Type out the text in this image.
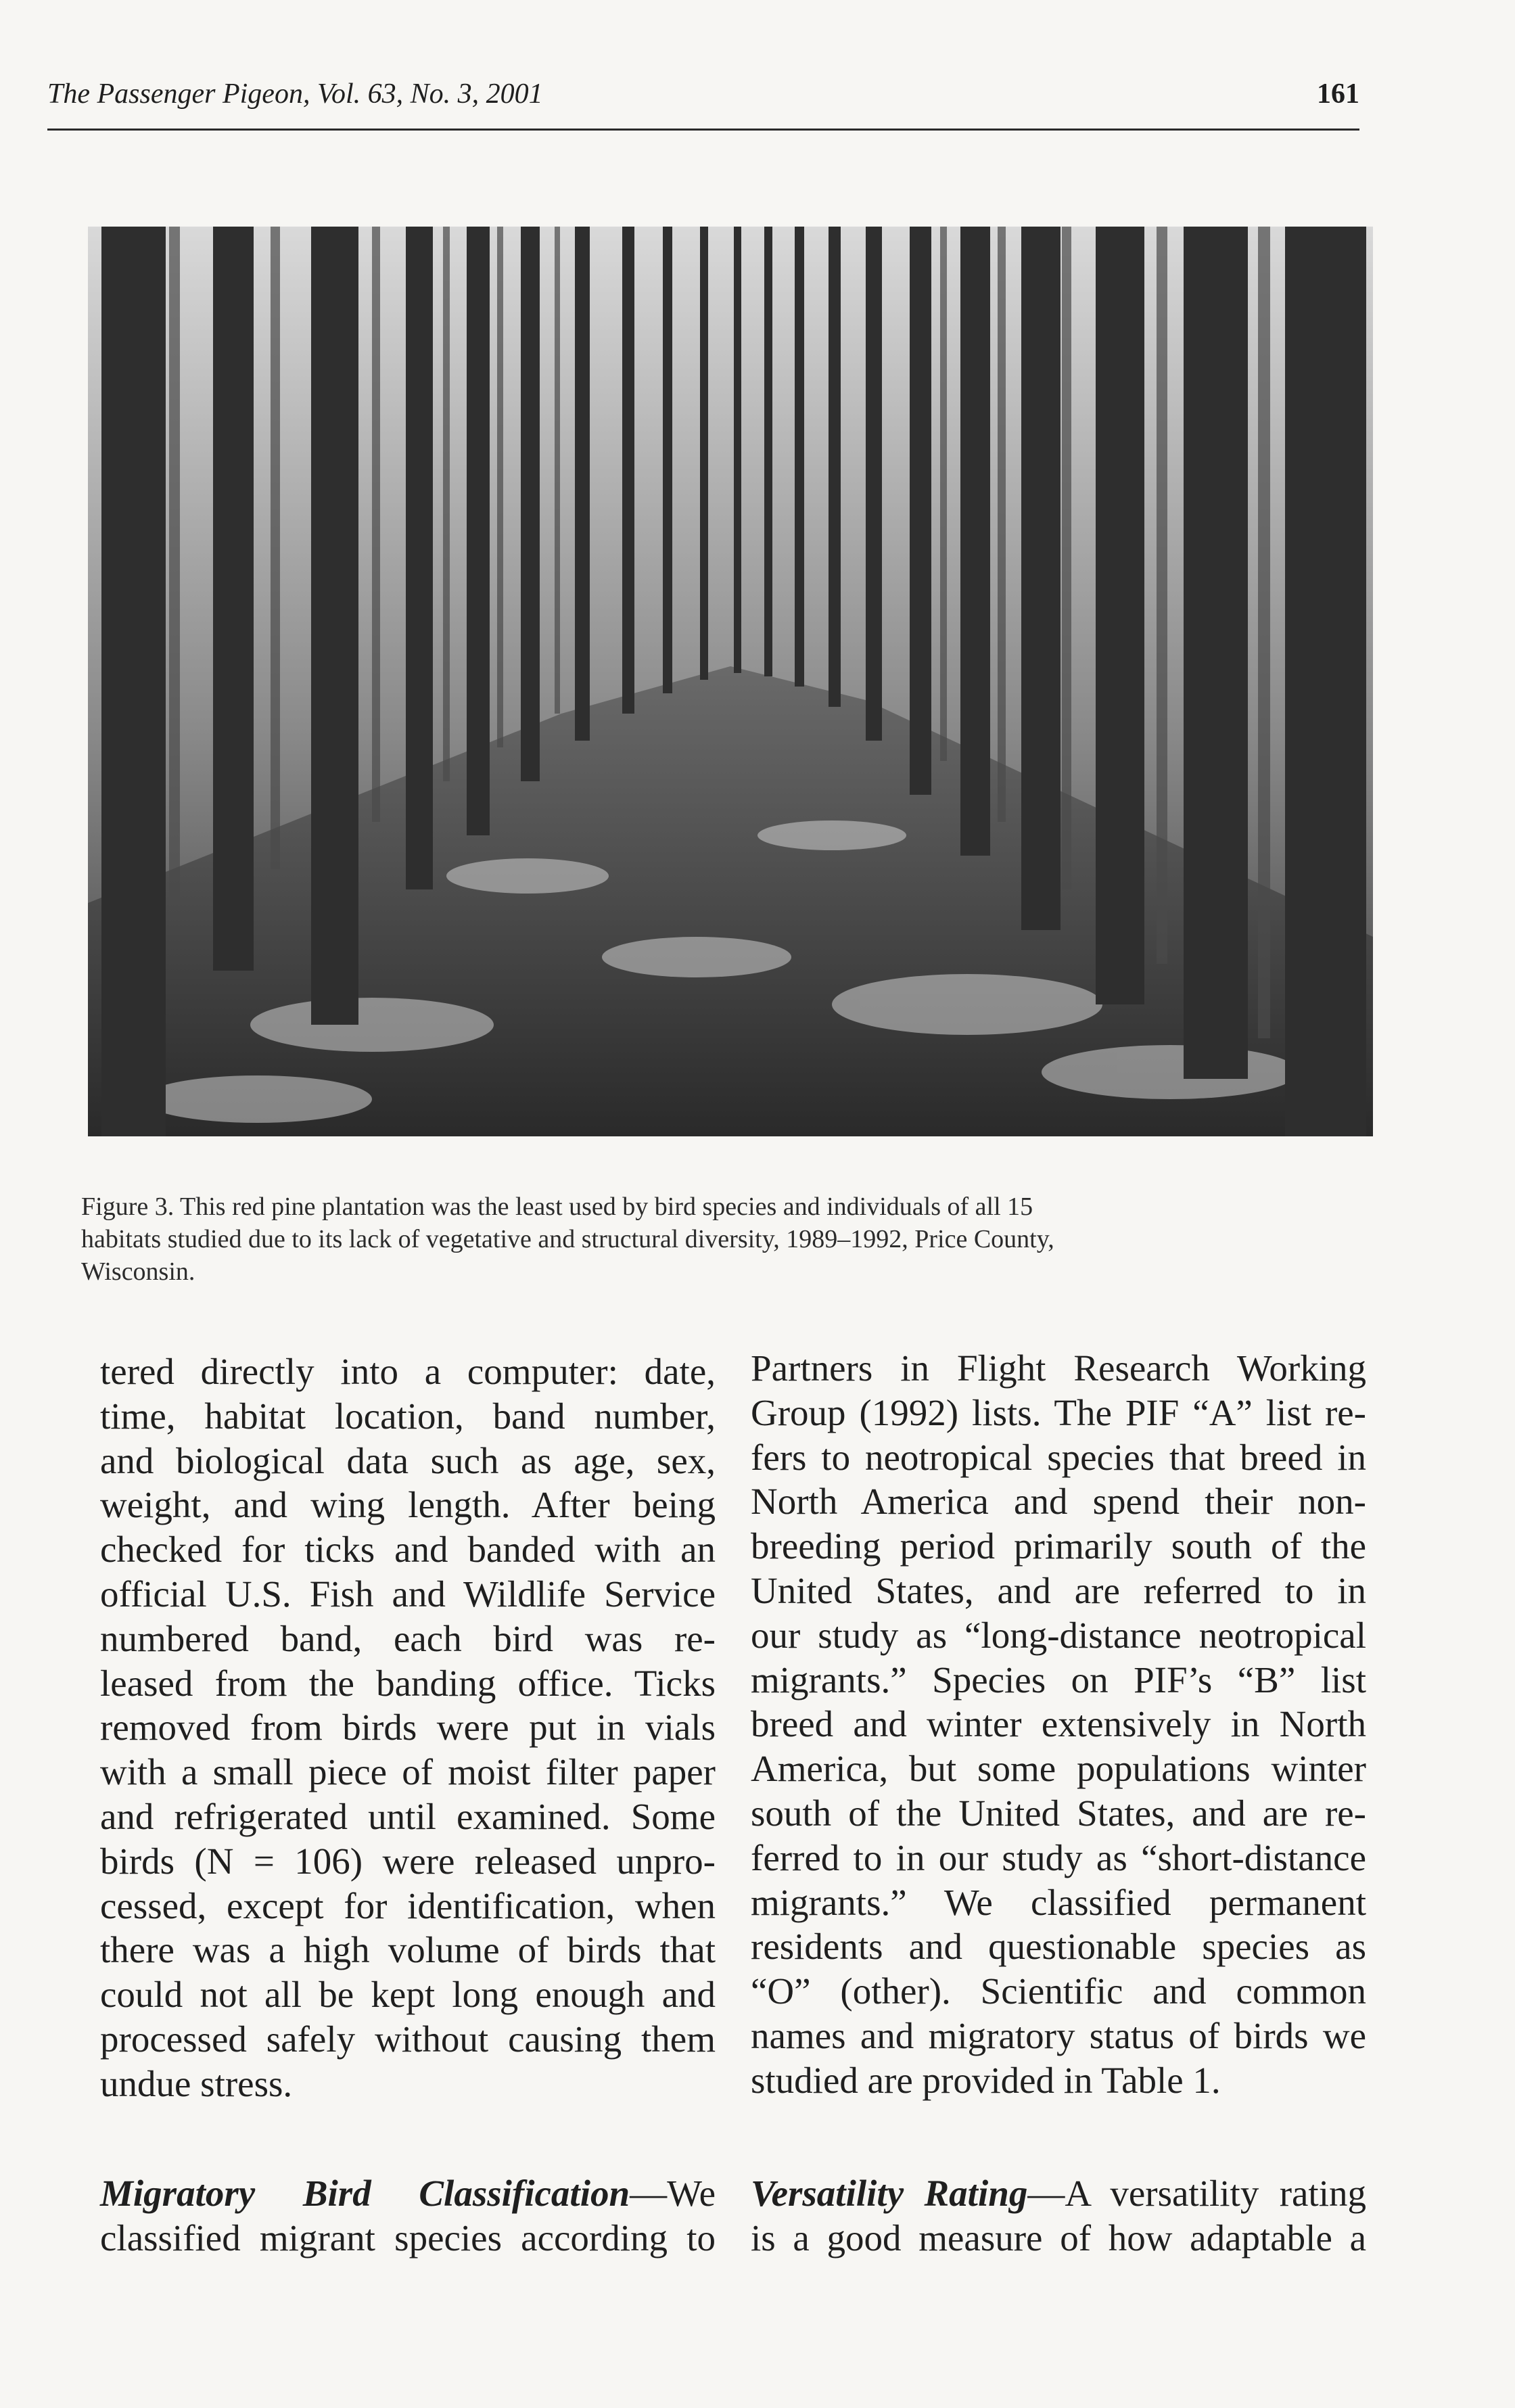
The Passenger Pigeon, Vol. 63, No. 3, 2001	161
Figure 3. This red pine plantation was the least used by bird species and individuals of all 15
habitats studied due to its lack of vegetative and structural diversity, 1989–1992, Price County,
Wisconsin.
tered directly into a computer: date,
time, habitat location, band number,
and biological data such as age, sex,
weight, and wing length. After being
checked for ticks and banded with an
official U.S. Fish and Wildlife Service
numbered band, each bird was re-
leased from the banding office. Ticks
removed from birds were put in vials
with a small piece of moist filter paper
and refrigerated until examined. Some
birds (N = 106) were released unpro-
cessed, except for identification, when
there was a high volume of birds that
could not all be kept long enough and
processed safely without causing them
undue stress.
Partners in Flight Research Working
Group (1992) lists. The PIF “A” list re-
fers to neotropical species that breed in
North America and spend their non-
breeding period primarily south of the
United States, and are referred to in
our study as “long-distance neotropical
migrants.” Species on PIF’s “B” list
breed and winter extensively in North
America, but some populations winter
south of the United States, and are re-
ferred to in our study as “short-distance
migrants.” We classified permanent
residents and questionable species as
“O” (other). Scientific and common
names and migratory status of birds we
studied are provided in Table 1.
Migratory Bird Classification—We
classified migrant species according to
Versatility Rating—A versatility rating
is a good measure of how adaptable a
